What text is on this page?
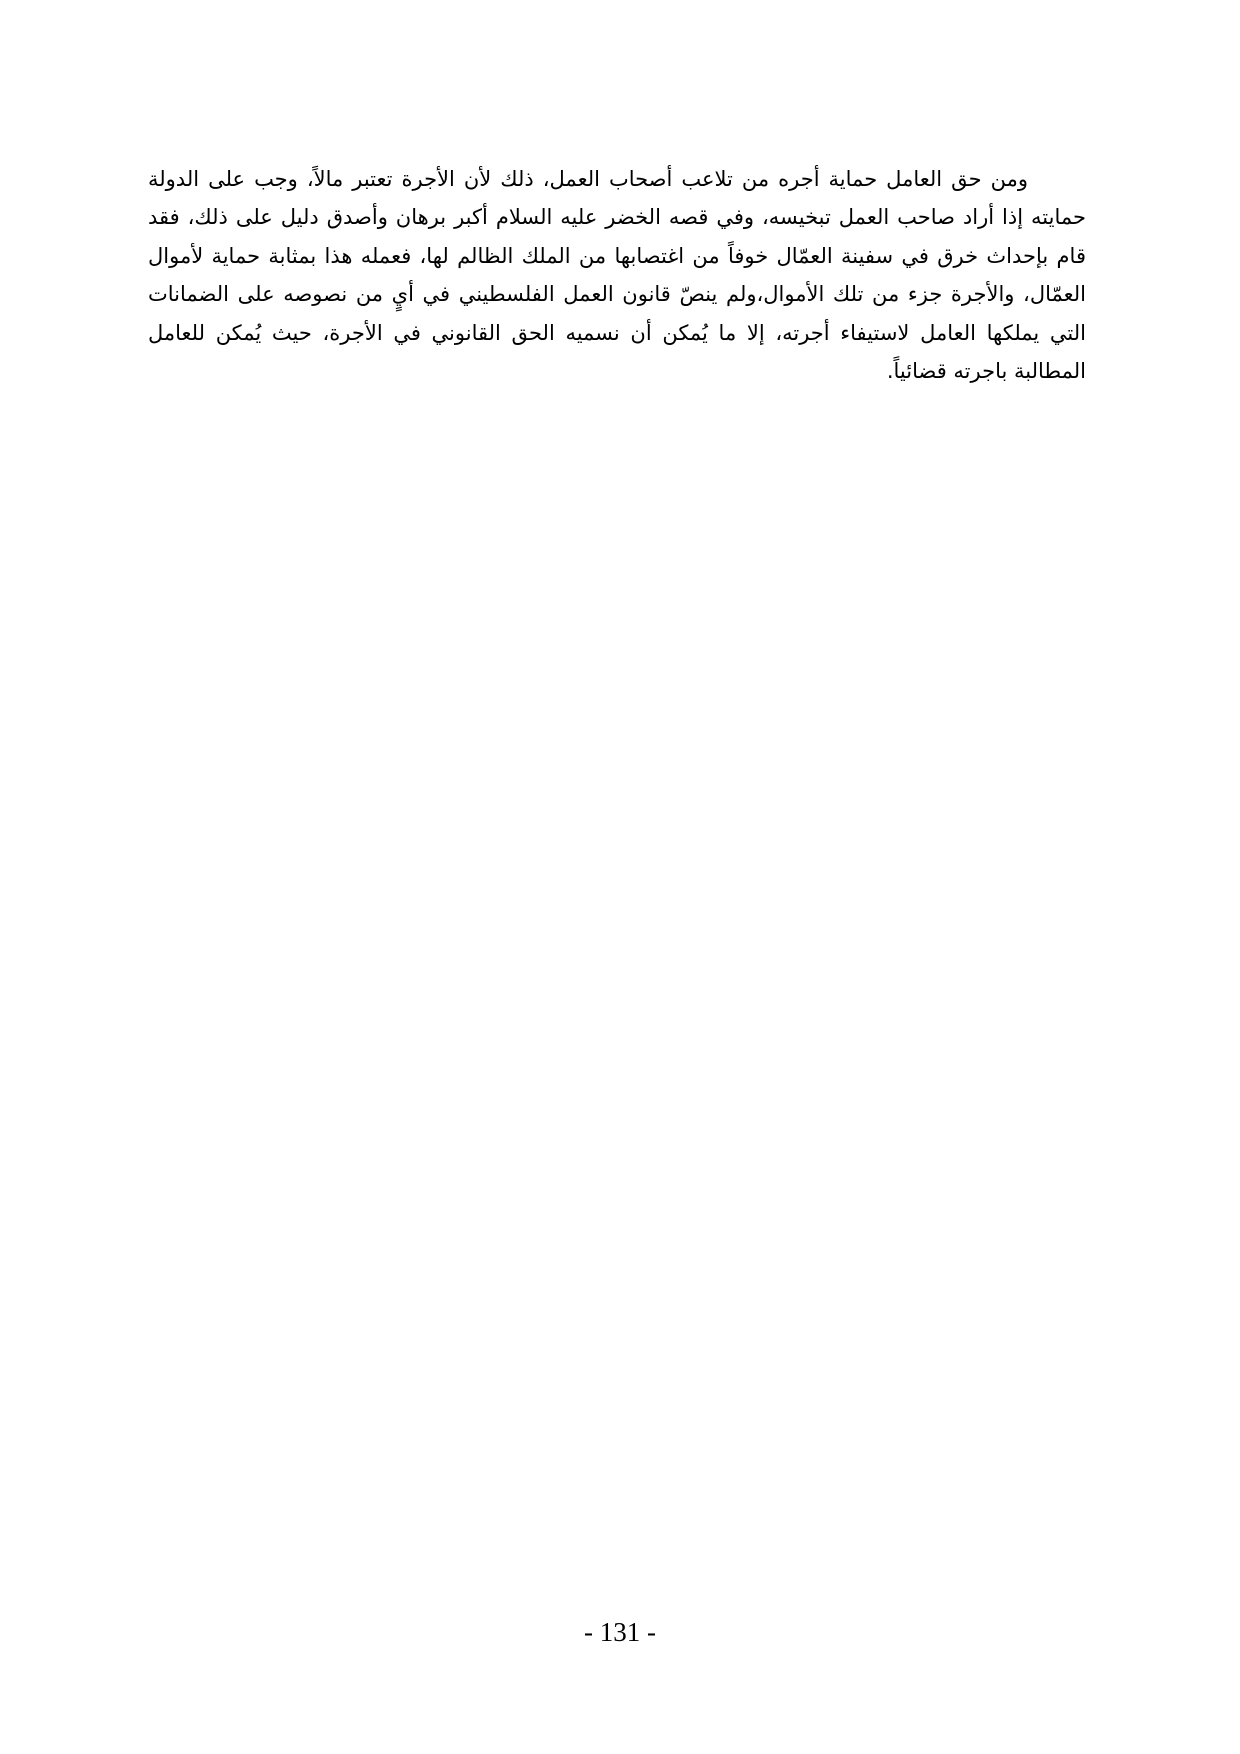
ومن حق العامل حماية أجره من تلاعب أصحاب العمل، ذلك لأن الأجرة تعتبر مالاً، وجب على الدولة حمايته إذا أراد صاحب العمل تبخيسه، وفي قصه الخضر عليه السلام أكبر برهان وأصدق دليل على ذلك، فقد قام بإحداث خرق في سفينة العمّال خوفاً من اغتصابها من الملك الظالم لها، فعمله هذا بمثابة حماية لأموال العمّال، والأجرة جزء من تلك الأموال،ولم ينصّ قانون العمل الفلسطيني في أيٍ من نصوصه على الضمانات التي يملكها العامل لاستيفاء أجرته، إلا ما يُمكن أن نسميه الحق القانوني في الأجرة، حيث يُمكن للعامل المطالبة باجرته قضائياً.

- 131 -
